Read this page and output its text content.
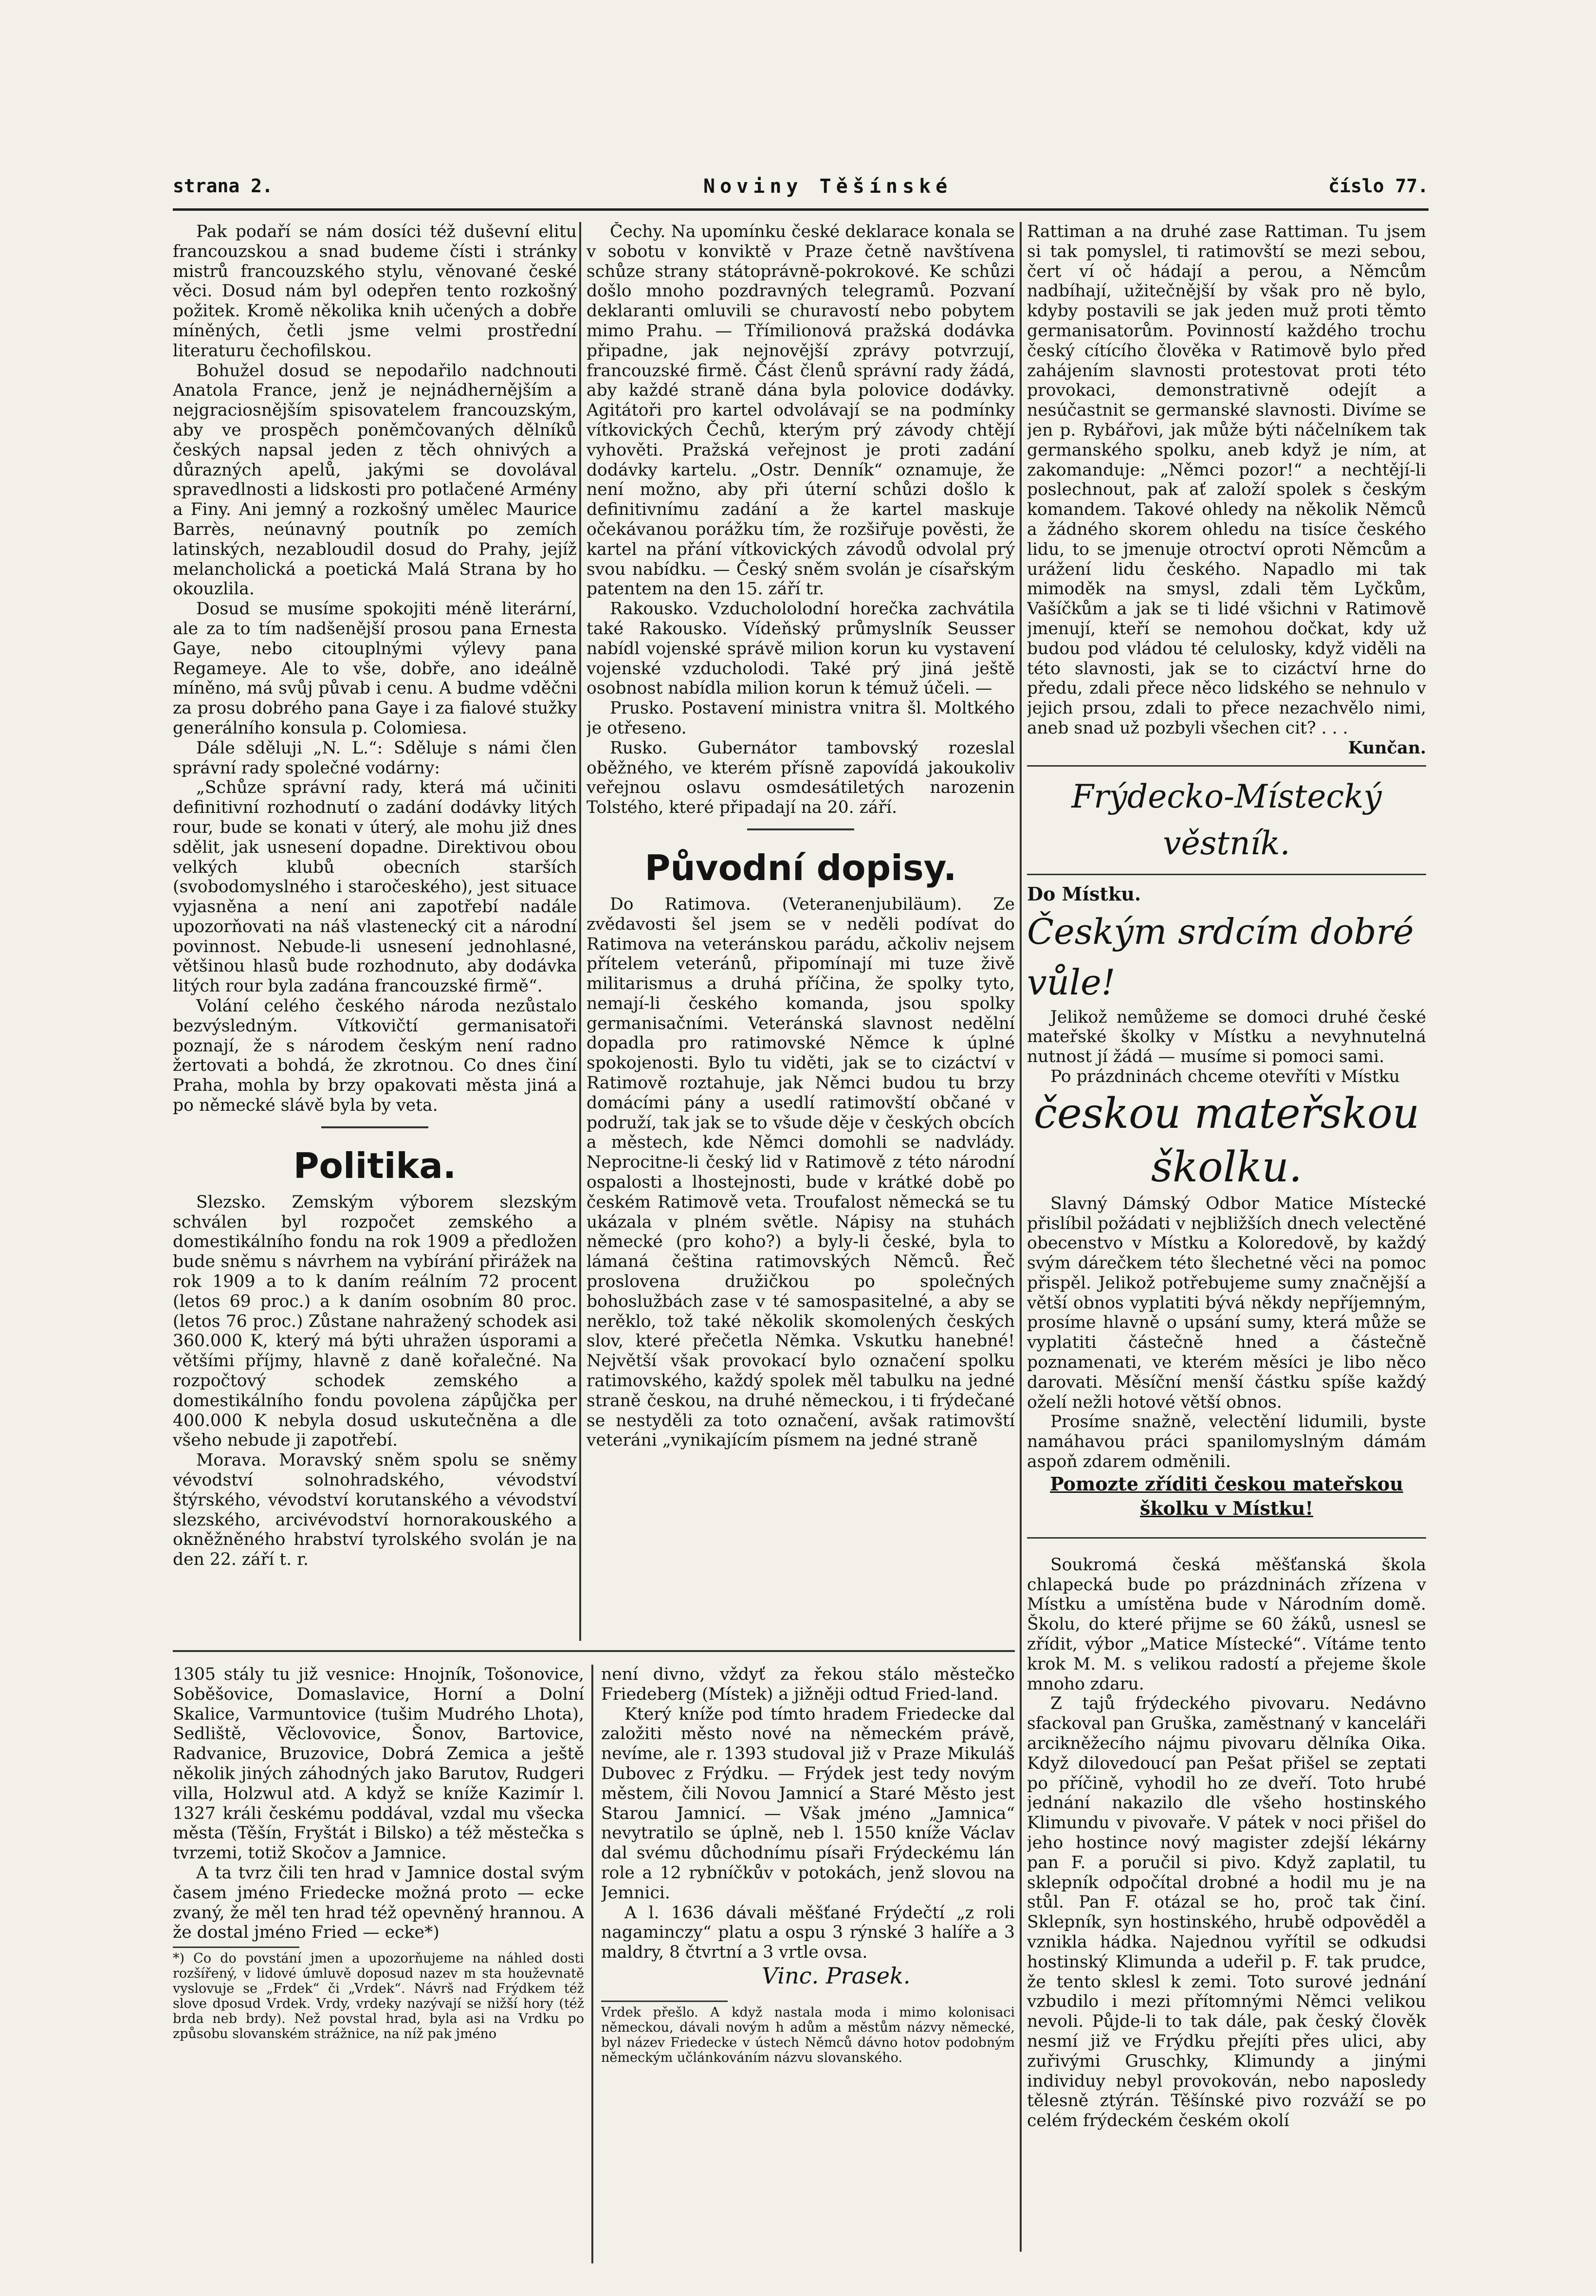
strana 2.	Noviny Těšínské	číslo 77.

Pak podaří se nám dosíci též duševní elitu francouzskou a snad budeme čísti i stránky mistrů francouzského stylu, věnované české věci. Dosud nám byl odepřen tento rozkošný požitek. Kromě několika knih učených a dobře míněných, četli jsme velmi prostřední literaturu čechofilskou.

Bohužel dosud se nepodařilo nadchnouti Anatola France, jenž je nejnádhernějším a nejgraciosnějším spisovatelem francouzským, aby ve prospěch poněmčovaných dělníků českých napsal jeden z těch ohnivých a důrazných apelů, jakými se dovolával spravedlnosti a lidskosti pro potlačené Armény a Finy. Ani jemný a rozkošný umělec Maurice Barrès, neúnavný poutník po zemích latinských, nezabloudil dosud do Prahy, jejíž melancholická a poetická Malá Strana by ho okouzlila.

Dosud se musíme spokojiti méně literární, ale za to tím nadšenější prosou pana Ernesta Gaye, nebo citouplnými výlevy pana Regameye. Ale to vše, dobře, ano ideálně míněno, má svůj půvab i cenu. A budme vděčni za prosu dobrého pana Gaye i za fialové stužky generálního konsula p. Colomiesa.

Dále sděluji „N. L.“: Sděluje s námi člen správní rady společné vodárny:

„Schůze správní rady, která má učiniti definitivní rozhodnutí o zadání dodávky litých rour, bude se konati v úterý, ale mohu již dnes sdělit, jak usnesení dopadne. Direktivou obou velkých klubů obecních starších (svobodomyslného i staročeského), jest situace vyjasněna a není ani zapotřebí nadále upozorňovati na náš vlastenecký cit a národní povinnost. Nebude-li usnesení jednohlasné, většinou hlasů bude rozhodnuto, aby dodávka litých rour byla zadána francouzské firmě“.

Volání celého českého národa nezůstalo bezvýsledným. Vítkovičtí germanisatoři poznají, že s národem českým není radno žertovati a bohdá, že zkrotnou. Co dnes činí Praha, mohla by brzy opakovati města jiná a po německé slávě byla by veta.

Politika.

Slezsko. Zemským výborem slezským schválen byl rozpočet zemského a domestikálního fondu na rok 1909 a předložen bude sněmu s návrhem na vybírání přirážek na rok 1909 a to k daním reálním 72 procent (letos 69 proc.) a k daním osobním 80 proc. (letos 76 proc.) Zůstane nahražený schodek asi 360.000 K, který má býti uhražen úsporami a většími příjmy, hlavně z daně kořalečné. Na rozpočtový schodek zemského a domestikálního fondu povolena zápůjčka per 400.000 K nebyla dosud uskutečněna a dle všeho nebude ji zapotřebí.

Morava. Moravský sněm spolu se sněmy vévodství solnohradského, vévodství štýrského, vévodství korutanského a vévodství slezského, arcivévodství hornorakouského a okněžněného hrabství tyrolského svolán je na den 22. září t. r.

Čechy. Na upomínku české deklarace konala se v sobotu v konviktě v Praze četně navštívena schůze strany státoprávně-pokrokové. Ke schůzi došlo mnoho pozdravných telegramů. Pozvaní deklaranti omluvili se churavostí nebo pobytem mimo Prahu. — Třímilionová pražská dodávka připadne, jak nejnovější zprávy potvrzují, francouzské firmě. Část členů správní rady žádá, aby každé straně dána byla polovice dodávky. Agitátoři pro kartel odvolávají se na podmínky vítkovických Čechů, kterým prý závody chtějí vyhověti. Pražská veřejnost je proti zadání dodávky kartelu. „Ostr. Denník“ oznamuje, že není možno, aby při úterní schůzi došlo k definitivnímu zadání a že kartel maskuje očekávanou porážku tím, že rozšiřuje pověsti, že kartel na přání vítkovických závodů odvolal prý svou nabídku. — Český sněm svolán je císařským patentem na den 15. září tr.

Rakousko. Vzduchololodní horečka zachvátila také Rakousko. Vídeňský průmyslník Seusser nabídl vojenské správě milion korun ku vystavení vojenské vzducholodi. Také prý jiná ještě osobnost nabídla milion korun k témuž účeli. —

Prusko. Postavení ministra vnitra šl. Moltkého je otřeseno.

Rusko. Gubernátor tambovský rozeslal oběžného, ve kterém přísně zapovídá jakoukoliv veřejnou oslavu osmdesátiletých narozenin Tolstého, které připadají na 20. září.

Původní dopisy.

Do Ratimova. (Veteranenjubiläum). Ze zvědavosti šel jsem se v neděli podívat do Ratimova na veteránskou parádu, ačkoliv nejsem přítelem veteránů, připomínají mi tuze živě militarismus a druhá příčina, že spolky tyto, nemají-li českého komanda, jsou spolky germanisačními. Veteránská slavnost nedělní dopadla pro ratimovské Němce k úplné spokojenosti. Bylo tu viděti, jak se to cizáctví v Ratimově roztahuje, jak Němci budou tu brzy domácími pány a usedlí ratimovští občané v podruží, tak jak se to všude děje v českých obcích a městech, kde Němci domohli se nadvlády. Neprocitne-li český lid v Ratimově z této národní ospalosti a lhostejnosti, bude v krátké době po českém Ratimově veta. Troufalost německá se tu ukázala v plném světle. Nápisy na stuhách německé (pro koho?) a byly-li české, byla to lámaná čeština ratimovských Němců. Řeč proslovena družičkou po společných bohoslužbách zase v té samospasitelné, a aby se nerěklo, tož také několik skomolených českých slov, které přečetla Němka. Vskutku hanebné! Největší však provokací bylo označení spolku ratimovského, každý spolek měl tabulku na jedné straně českou, na druhé německou, i ti frýdečané se nestyděli za toto označení, avšak ratimovští veteráni „vynikajícím písmem na jedné straně

Rattiman a na druhé zase Rattiman. Tu jsem si tak pomyslel, ti ratimovští se mezi sebou, čert ví oč hádají a perou, a Němcům nadbíhají, užitečnější by však pro ně bylo, kdyby postavili se jak jeden muž proti těmto germanisatorům. Povinností každého trochu český cítícího člověka v Ratimově bylo před zahájením slavnosti protestovat proti této provokaci, demonstrativně odejít a nesúčastnit se germanské slavnosti. Divíme se jen p. Rybářovi, jak může býti náčelníkem tak germanského spolku, aneb když je ním, at zakomanduje: „Němci pozor!“ a nechtějí-li poslechnout, pak ať založí spolek s českým komandem. Takové ohledy na několik Němců a žádného skorem ohledu na tisíce českého lidu, to se jmenuje otroctví oproti Němcům a urážení lidu českého. Napadlo mi tak mimoděk na smysl, zdali těm Lyčkům, Vašíčkům a jak se ti lidé všichni v Ratimově jmenují, kteří se nemohou dočkat, kdy už budou pod vládou té celulosky, když viděli na této slavnosti, jak se to cizáctví hrne do předu, zdali přece něco lidského se nehnulo v jejich prsou, zdali to přece nezachvělo nimi, aneb snad už pozbyli všechen cit? . . .

Kunčan.

Frýdecko-Místecký věstník.

Do Místku.

Českým srdcím dobré vůle!

Jelikož nemůžeme se domoci druhé české mateřské školky v Místku a nevyhnutelná nutnost jí žádá — musíme si pomoci sami.

Po prázdninách chceme otevříti v Místku

českou mateřskou školku.

Slavný Dámský Odbor Matice Místecké přislíbil požádati v nejbližších dnech velectěné obecenstvo v Místku a Koloredově, by každý svým dárečkem této šlechetné věci na pomoc přispěl. Jelikož potřebujeme sumy značnější a větší obnos vyplatiti bývá někdy nepříjemným, prosíme hlavně o upsání sumy, která může se vyplatiti částečně hned a částečně poznamenati, ve kterém měsíci je libo něco darovati. Měsíční menší částku spíše každý oželí nežli hotové větší obnos.

Prosíme snažně, velectění lidumili, byste namáhavou práci spanilomyslným dámám aspoň zdarem odměnili.

Pomozte zříditi českou mateřskou školku v Místku!

Soukromá česká měšťanská škola chlapecká bude po prázdninách zřízena v Místku a umístěna bude v Národním domě. Školu, do které přijme se 60 žáků, usnesl se zřídit, výbor „Matice Místecké“. Vítáme tento krok M. M. s velikou radostí a přejeme škole mnoho zdaru.

Z tajů frýdeckého pivovaru. Nedávno sfackoval pan Gruška, zaměstnaný v kanceláři arcikněžecího nájmu pivovaru dělníka Oika. Když dilovedoucí pan Pešat přišel se zeptati po příčině, vyhodil ho ze dveří. Toto hrubé jednání nakazilo dle všeho hostinského Klimundu v pivovaře. V pátek v noci přišel do jeho hostince nový magister zdejší lékárny pan F. a poručil si pivo. Když zaplatil, tu sklepník odpočítal drobné a hodil mu je na stůl. Pan F. otázal se ho, proč tak činí. Sklepník, syn hostinského, hrubě odpověděl a vznikla hádka. Najednou vyřítil se odkudsi hostinský Klimunda a udeřil p. F. tak prudce, že tento sklesl k zemi. Toto surové jednání vzbudilo i mezi přítomnými Němci velikou nevoli. Půjde-li to tak dále, pak český člověk nesmí již ve Frýdku přejíti přes ulici, aby zuřivými Gruschky, Klimundy a jinými individuy nebyl provokován, nebo naposledy tělesně ztýrán. Těšínské pivo rozváží se po celém frýdeckém českém okolí

1305 stály tu již vesnice: Hnojník, Tošonovice, Soběšovice, Domaslavice, Horní a Dolní Skalice, Varmuntovice (tušim Mudrého Lhota), Sedliště, Věclovovice, Šonov, Bartovice, Radvanice, Bruzovice, Dobrá Zemica a ještě několik jiných záhodných jako Barutov, Rudgeri villa, Holzwul atd. A když se kníže Kazimír l. 1327 králi českému poddával, vzdal mu všecka města (Těšín, Fryštát i Bilsko) a též městečka s tvrzemi, totiž Skočov a Jamnice.

A ta tvrz čili ten hrad v Jamnice dostal svým časem jméno Friedecke možná proto — ecke zvaný, že měl ten hrad též opevněný hrannou. A že dostal jméno Fried — ecke*)

*) Co do povstání jmen a upozorňujeme na náhled dosti rozšířený, v lidové úmluvě doposud nazev m sta houževnatě vyslovuje se „Frdek“ či „Vrdek“. Návrš nad Frýdkem též slove dposud Vrdek. Vrdy, vrdeky nazývají se nižší hory (též brda neb brdy). Než povstal hrad, byla asi na Vrdku po způsobu slovanském strážnice, na níž pak jméno

není divno, vždyť za řekou stálo městečko Friedeberg (Místek) a jižněji odtud Fried-land.

Který kníže pod tímto hradem Friedecke dal založiti město nové na německém právě, nevíme, ale r. 1393 studoval již v Praze Mikuláš Dubovec z Frýdku. — Frýdek jest tedy novým městem, čili Novou Jamnicí a Staré Město jest Starou Jamnicí. — Však jméno „Jamnica“ nevytratilo se úplně, neb l. 1550 kníže Václav dal svému důchodnímu písaři Frýdeckému lán role a 12 rybníčkův v potokách, jenž slovou na Jemnici.

A l. 1636 dávali měšťané Frýdečtí „z roli nagaminczy“ platu a ospu 3 rýnské 3 halíře a 3 maldry, 8 čtvrtní a 3 vrtle ovsa.

Vinc. Prasek.

Vrdek přešlo. A když nastala moda i mimo kolonisaci německou, dávali novým h adům a městům názvy německé, byl název Friedecke v ústech Němců dávno hotov podobným německým učlánkováním názvu slovanského.
